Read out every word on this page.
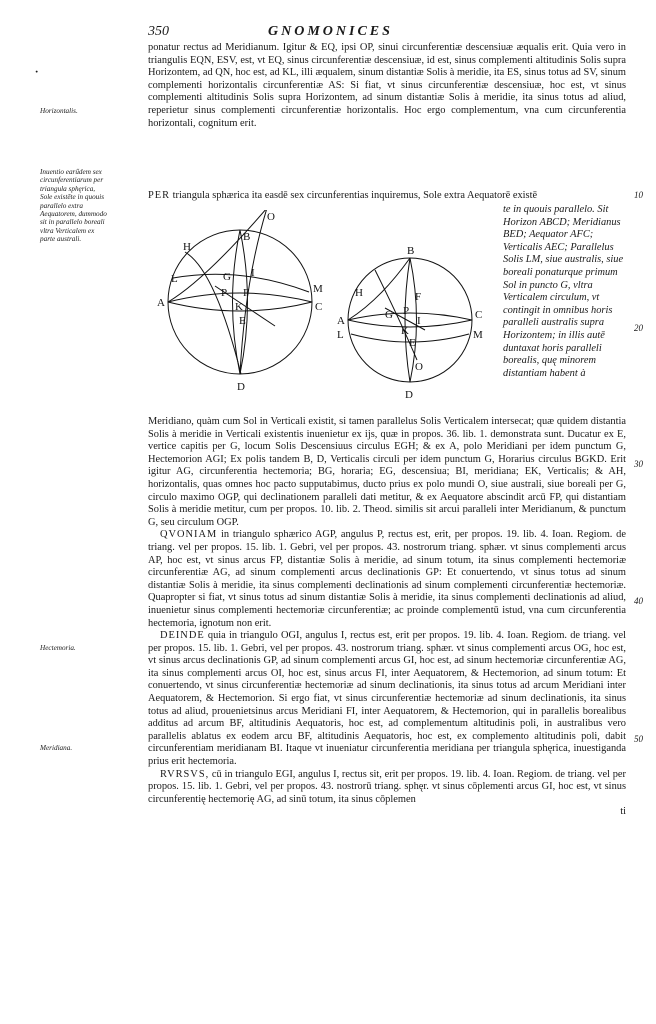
350	GNOMONICES
·
Horizontalis.
Inuentio earűdem sex circunferentiarum per triangula sphęrica, Sole existēte in quouis parallelo extra Aequatorem, dummodo sit in parallelo boreali vltra Verticalem ex parte australi.
Hectemoria.
Meridiana.
10
20
30
40
50

ponatur rectus ad Meridianum. Igitur & EQ, ipsi OP, sinui circunferentiæ descensiuæ æqualis erit. Quia vero in triangulis EQN, ESV, est, vt EQ, sinus circunferentiæ descensiuæ, id est, sinus complementi altitudinis Solis supra Horizontem, ad QN, hoc est, ad KL, illi æqualem, sinum distantiæ Solis à meridie, ita ES, sinus totus ad SV, sinum complementi horizontalis circunferentiæ AS: Si fiat, vt sinus circunferentiæ descensiuæ, hoc est, vt sinus complementi altitudinis Solis supra Horizontem, ad sinum distantiæ Solis à meridie, ita sinus totus ad aliud, reperietur sinus complementi circunferentiæ horizontalis. Hoc ergo complementum, vna cum circunferentia horizontali, cognitum erit.

PER triangula sphærica ita easdē sex circunferentias inquiremus, Sole extra Aequatorē existē

te in quouis parallelo. Sit Horizon ABCD; Meridianus BED; Aequator AFC; Verticalis AEC; Parallelus Solis LM, siue australis, siue boreali ponaturque primum Sol in puncto G, vltra Verticalem circulum, vt contingit in omnibus horis paralleli australis supra Horizontem; in illis autē duntaxat horis paralleli borealis, quę minorem distantiam habent à

O
H
B
G I
L
P F	M
A	C
K
E
D
H
B
F
A	G P
I	C
L	K
E
M
O
D

Meridiano, quàm cum Sol in Verticali existit, si tamen parallelus Solis Verticalem intersecat; quæ quidem distantia Solis à meridie in Verticali existentis inuenietur ex ijs, quæ in propos. 36. lib. 1. demonstrata sunt. Ducatur ex E, vertice capitis per G, locum Solis Descensiuus circulus EGH; & ex A, polo Meridiani per idem punctum G, Hectemorion AGI; Ex polis tandem B, D, Verticalis circuli per idem punctum G, Horarius circulus BGKD. Erit igitur AG, circunferentia hectemoria; BG, horaria; EG, descensiua; BI, meridiana; EK, Verticalis; & AH, horizontalis, quas omnes hoc pacto supputabimus, ducto prius ex polo mundi O, siue australi, siue boreali per G, circulo maximo OGP, qui declinationem paralleli dati metitur, & ex Aequatore abscindit arcū FP, qui distantiam Solis à meridie metitur, cum per propos. 10. lib. 2. Theod. similis sit arcui paralleli inter Meridianum, & punctum G, seu circulum OGP.

QVONIAM in triangulo sphærico AGP, angulus P, rectus est, erit, per propos. 19. lib. 4. Ioan. Regiom. de triang. vel per propos. 15. lib. 1. Gebri, vel per propos. 43. nostrorum triang. sphær. vt sinus complementi arcus AP, hoc est, vt sinus arcus FP, distantiæ Solis à meridie, ad sinum totum, ita sinus complementi hectemoriæ circunferentiæ AG, ad sinum complementi arcus declinationis GP: Et conuertendo, vt sinus totus ad sinum distantiæ Solis à meridie, ita sinus complementi declinationis ad sinum complementi circunferentiæ hectemoriæ. Quapropter si fiat, vt sinus totus ad sinum distantiæ Solis à meridie, ita sinus complementi declinationis ad aliud, inuenietur sinus complementi hectemoriæ circunferentiæ; ac proinde complementū istud, vna cum circunferentia hectemoria, ignotum non erit.

DEINDE quia in triangulo OGI, angulus I, rectus est, erit per propos. 19. lib. 4. Ioan. Regiom. de triang. vel per propos. 15. lib. 1. Gebri, vel per propos. 43. nostrorum triang. sphær. vt sinus complementi arcus OG, hoc est, vt sinus arcus declinationis GP, ad sinum complementi arcus GI, hoc est, ad sinum hectemoriæ circunferentiæ AG, ita sinus complementi arcus OI, hoc est, sinus arcus FI, inter Aequatorem, & Hectemorion, ad sinum totum: Et conuertendo, vt sinus circunferentiæ hectemoriæ ad sinum declinationis, ita sinus totus ad arcum Meridiani inter Aequatorem, & Hectemorion. Si ergo fiat, vt sinus circunferentiæ hectemoriæ ad sinum declinationis, ita sinus totus ad aliud, prouenietsinus arcus Meridiani FI, inter Aequatorem, & Hectemorion, qui in parallelis borealibus additus ad arcum BF, altitudinis Aequatoris, hoc est, ad complementum altitudinis poli, in australibus vero parallelis ablatus ex eodem arcu BF, altitudinis Aequatoris, hoc est, ex complemento altitudinis poli, dabit circunferentiam meridianam BI. Itaque vt inueniatur circunferentia meridiana per triangula sphęrica, inuestiganda prius erit hectemoria.

RVRSVS, cū in triangulo EGI, angulus I, rectus sit, erit per propos. 19. lib. 4. Ioan. Regiom. de triang. vel per propos. 15. lib. 1. Gebri, vel per propos. 43. nostrorū triang. sphęr. vt sinus cōplementi arcus GI, hoc est, vt sinus circunferentię hectemorię AG, ad sinū totum, ita sinus cōplemen

ti
